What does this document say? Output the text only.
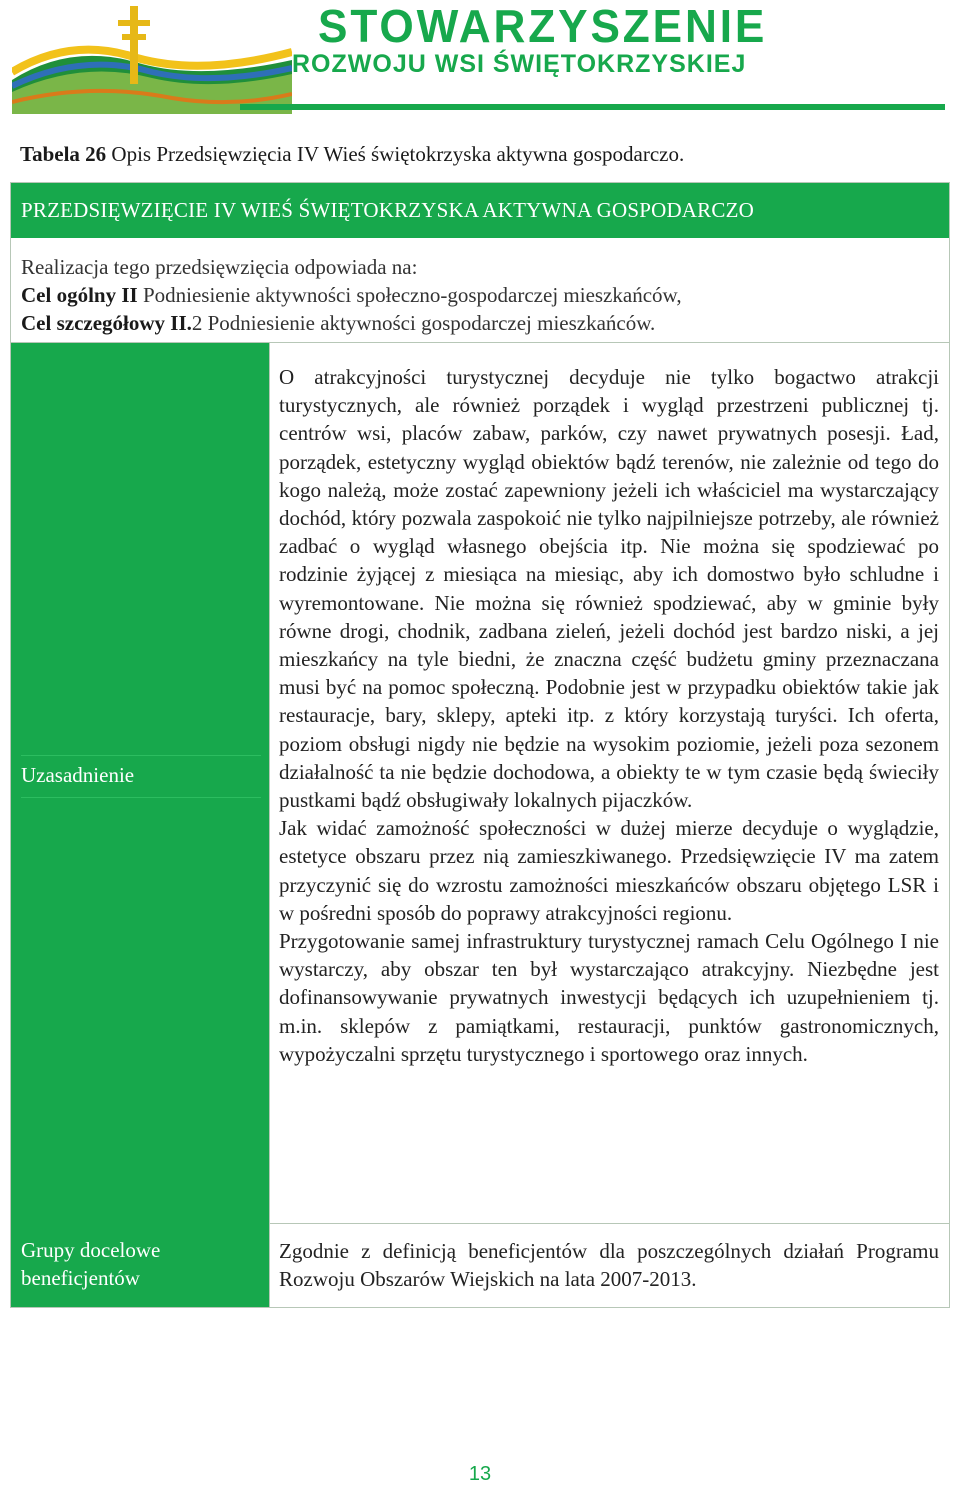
STOWARZYSZENIE
ROZWOJU WSI ŚWIĘTOKRZYSKIEJ
Tabela 26 Opis Przedsięwzięcia IV Wieś świętokrzyska aktywna gospodarczo.
PRZEDSIĘWZIĘCIE IV WIEŚ ŚWIĘTOKRZYSKA AKTYWNA GOSPODARCZO
Realizacja tego przedsięwzięcia odpowiada na:
Cel ogólny II Podniesienie aktywności społeczno-gospodarczej mieszkańców,
Cel szczegółowy II.2 Podniesienie aktywności gospodarczej mieszkańców.
Uzasadnienie

O atrakcyjności turystycznej decyduje nie tylko bogactwo atrakcji turystycznych, ale również porządek i wygląd przestrzeni publicznej tj. centrów wsi, placów zabaw, parków, czy nawet prywatnych posesji. Ład, porządek, estetyczny wygląd obiektów bądź terenów, nie zależnie od tego do kogo należą, może zostać zapewniony jeżeli ich właściciel ma wystarczający dochód, który pozwala zaspokoić nie tylko najpilniejsze potrzeby, ale również zadbać o wygląd własnego obejścia itp. Nie można się spodziewać po rodzinie żyjącej z miesiąca na miesiąc, aby ich domostwo było schludne i wyremontowane. Nie można się również spodziewać, aby w gminie były równe drogi, chodnik, zadbana zieleń, jeżeli dochód jest bardzo niski, a jej mieszkańcy na tyle biedni, że znaczna część budżetu gminy przeznaczana musi być na pomoc społeczną. Podobnie jest w przypadku obiektów takie jak restauracje, bary, sklepy, apteki itp. z który korzystają turyści. Ich oferta, poziom obsługi nigdy nie będzie na wysokim poziomie, jeżeli poza sezonem działalność ta nie będzie dochodowa, a obiekty te w tym czasie będą świeciły pustkami bądź obsługiwały lokalnych pijaczków.

Jak widać zamożność społeczności w dużej mierze decyduje o wyglądzie, estetyce obszaru przez nią zamieszkiwanego. Przedsięwzięcie IV ma zatem przyczynić się do wzrostu zamożności mieszkańców obszaru objętego LSR i w pośredni sposób do poprawy atrakcyjności regionu.

Przygotowanie samej infrastruktury turystycznej ramach Celu Ogólnego I nie wystarczy, aby obszar ten był wystarczająco atrakcyjny. Niezbędne jest dofinansowywanie prywatnych inwestycji będących ich uzupełnieniem tj. m.in. sklepów z pamiątkami, restauracji, punktów gastronomicznych, wypożyczalni sprzętu turystycznego i sportowego oraz innych.

Grupy docelowe
beneficjentów

Zgodnie z definicją beneficjentów dla poszczególnych działań Programu Rozwoju Obszarów Wiejskich na lata 2007-2013.

13
